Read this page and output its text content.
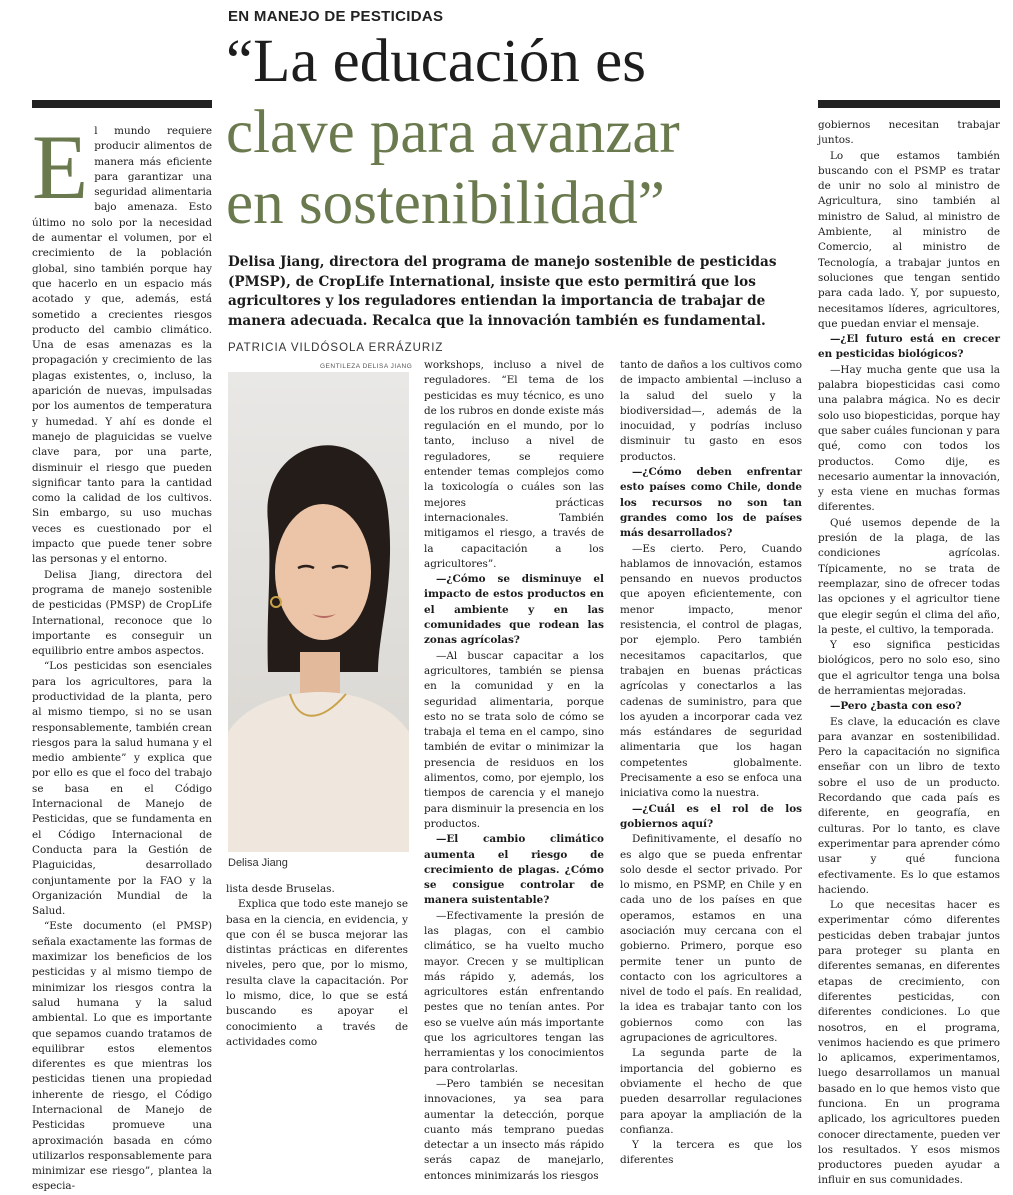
EN MANEJO DE PESTICIDAS
“La educación es
clave para avanzar
en sostenibilidad”

Delisa Jiang, directora del programa de manejo sostenible de pesticidas (PMSP), de CropLife International, insiste que esto permitirá que los agricultores y los reguladores entiendan la importancia de trabajar de manera adecuada. Recalca que la innovación también es fundamental.

PATRICIA VILDÓSOLA ERRÁZURIZ
GENTILEZA DELISA JIANG
Delisa Jiang
E l mundo requiere producir alimentos de manera más eficiente para garantizar una seguridad alimentaria bajo amenaza. Esto último no solo por la necesidad de aumentar el volumen, por el crecimiento de la población global, sino también porque hay que hacerlo en un espacio más acotado y que, además, está sometido a crecientes riesgos producto del cambio climático. Una de esas amenazas es la propagación y crecimiento de las plagas existentes, o, incluso, la aparición de nuevas, impulsadas por los aumentos de temperatura y humedad. Y ahí es donde el manejo de plaguicidas se vuelve clave para, por una parte, disminuir el riesgo que pueden significar tanto para la cantidad como la calidad de los cultivos. Sin embargo, su uso muchas veces es cuestionado por el impacto que puede tener sobre las personas y el entorno.

Delisa Jiang, directora del programa de manejo sostenible de pesticidas (PMSP) de CropLife International, reconoce que lo importante es conseguir un equilibrio entre ambos aspectos.

“Los pesticidas son esenciales para los agricultores, para la productividad de la planta, pero al mismo tiempo, si no se usan responsablemente, también crean riesgos para la salud humana y el medio ambiente” y explica que por ello es que el foco del trabajo se basa en el Código Internacional de Manejo de Pesticidas, que se fundamenta en el Código Internacional de Conducta para la Gestión de Plaguicidas, desarrollado conjuntamente por la FAO y la Organización Mundial de la Salud.

“Este documento (el PMSP) señala exactamente las formas de maximizar los beneficios de los pesticidas y al mismo tiempo de minimizar los riesgos contra la salud humana y la salud ambiental. Lo que es importante que sepamos cuando tratamos de equilibrar estos elementos diferentes es que mientras los pesticidas tienen una propiedad inherente de riesgo, el Código Internacional de Manejo de Pesticidas promueve una aproximación basada en cómo utilizarlos responsablemente para minimizar ese riesgo”, plantea la especia-

lista desde Bruselas.

Explica que todo este manejo se basa en la ciencia, en evidencia, y que con él se busca mejorar las distintas prácticas en diferentes niveles, pero que, por lo mismo, resulta clave la capacitación. Por lo mismo, dice, lo que se está buscando es apoyar el conocimiento a través de actividades como

workshops, incluso a nivel de reguladores. “El tema de los pesticidas es muy técnico, es uno de los rubros en donde existe más regulación en el mundo, por lo tanto, incluso a nivel de reguladores, se requiere entender temas complejos como la toxicología o cuáles son las mejores prácticas internacionales. También mitigamos el riesgo, a través de la capacitación a los agricultores”.

—¿Cómo se disminuye el impacto de estos productos en el ambiente y en las comunidades que rodean las zonas agrícolas?

—Al buscar capacitar a los agricultores, también se piensa en la comunidad y en la seguridad alimentaria, porque esto no se trata solo de cómo se trabaja el tema en el campo, sino también de evitar o minimizar la presencia de residuos en los alimentos, como, por ejemplo, los tiempos de carencia y el manejo para disminuir la presencia en los productos.

—El cambio climático aumenta el riesgo de crecimiento de plagas. ¿Cómo se consigue controlar de manera suistentable?

—Efectivamente la presión de las plagas, con el cambio climático, se ha vuelto mucho mayor. Crecen y se multiplican más rápido y, además, los agricultores están enfrentando pestes que no tenían antes. Por eso se vuelve aún más importante que los agricultores tengan las herramientas y los conocimientos para controlarlas.

—Pero también se necesitan innovaciones, ya sea para aumentar la detección, porque cuanto más temprano puedas detectar a un insecto más rápido serás capaz de manejarlo, entonces minimizarás los riesgos

tanto de daños a los cultivos como de impacto ambiental —incluso a la salud del suelo y la biodiversidad—, además de la inocuidad, y podrías incluso disminuir tu gasto en esos productos.

—¿Cómo deben enfrentar esto países como Chile, donde los recursos no son tan grandes como los de países más desarrollados?

—Es cierto. Pero, Cuando hablamos de innovación, estamos pensando en nuevos productos que apoyen eficientemente, con menor impacto, menor resistencia, el control de plagas, por ejemplo. Pero también necesitamos capacitarlos, que trabajen en buenas prácticas agrícolas y conectarlos a las cadenas de suministro, para que los ayuden a incorporar cada vez más estándares de seguridad alimentaria que los hagan competentes globalmente. Precisamente a eso se enfoca una iniciativa como la nuestra.

—¿Cuál es el rol de los gobiernos aquí?

Definitivamente, el desafío no es algo que se pueda enfrentar solo desde el sector privado. Por lo mismo, en PSMP, en Chile y en cada uno de los países en que operamos, estamos en una asociación muy cercana con el gobierno. Primero, porque eso permite tener un punto de contacto con los agricultores a nivel de todo el país. En realidad, la idea es trabajar tanto con los gobiernos como con las agrupaciones de agricultores.

La segunda parte de la importancia del gobierno es obviamente el hecho de que pueden desarrollar regulaciones para apoyar la ampliación de la confianza.

Y la tercera es que los diferentes

gobiernos necesitan trabajar juntos.

Lo que estamos también buscando con el PSMP es tratar de unir no solo al ministro de Agricultura, sino también al ministro de Salud, al ministro de Ambiente, al ministro de Comercio, al ministro de Tecnología, a trabajar juntos en soluciones que tengan sentido para cada lado. Y, por supuesto, necesitamos líderes, agricultores, que puedan enviar el mensaje.

—¿El futuro está en crecer en pesticidas biológicos?

—Hay mucha gente que usa la palabra biopesticidas casi como una palabra mágica. No es decir solo uso biopesticidas, porque hay que saber cuáles funcionan y para qué, como con todos los productos. Como dije, es necesario aumentar la innovación, y esta viene en muchas formas diferentes.

Qué usemos depende de la presión de la plaga, de las condiciones agrícolas. Típicamente, no se trata de reemplazar, sino de ofrecer todas las opciones y el agricultor tiene que elegir según el clima del año, la peste, el cultivo, la temporada.

Y eso significa pesticidas biológicos, pero no solo eso, sino que el agricultor tenga una bolsa de herramientas mejoradas.

—Pero ¿basta con eso?

Es clave, la educación es clave para avanzar en sostenibilidad. Pero la capacitación no significa enseñar con un libro de texto sobre el uso de un producto. Recordando que cada país es diferente, en geografía, en culturas. Por lo tanto, es clave experimentar para aprender cómo usar y qué funciona efectivamente. Es lo que estamos haciendo.

Lo que necesitas hacer es experimentar cómo diferentes pesticidas deben trabajar juntos para proteger su planta en diferentes semanas, en diferentes etapas de crecimiento, con diferentes pesticidas, con diferentes condiciones. Lo que nosotros, en el programa, venimos haciendo es que primero lo aplicamos, experimentamos, luego desarrollamos un manual basado en lo que hemos visto que funciona. En un programa aplicado, los agricultores pueden conocer directamente, pueden ver los resultados. Y esos mismos productores pueden ayudar a influir en sus comunidades.
